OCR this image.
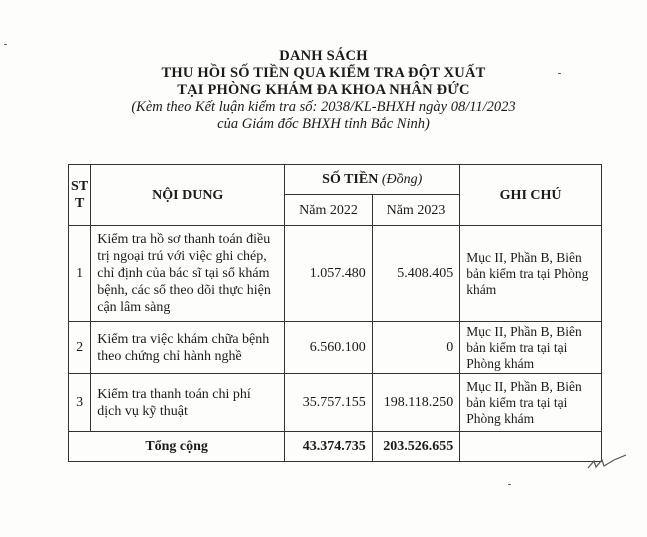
DANH SÁCH
THU HỒI SỐ TIỀN QUA KIỂM TRA ĐỘT XUẤT
TẠI PHÒNG KHÁM ĐA KHOA NHÂN ĐỨC
(Kèm theo Kết luận kiểm tra số: 2038/KL-BHXH ngày 08/11/2023
của Giám đốc BHXH tỉnh Bắc Ninh)
ST
T	NỘI DUNG	SỐ TIỀN (Đồng)		GHI CHÚ
		Năm 2022	Năm 2023	
1	Kiểm tra hồ sơ thanh toán điều trị ngoại trú với việc ghi chép, chỉ định của bác sĩ tại sổ khám bệnh, các sổ theo dõi thực hiện cận lâm sàng	1.057.480	5.408.405	Mục II, Phần B, Biên bản kiểm tra tại Phòng khám
2	Kiểm tra việc khám chữa bệnh theo chứng chỉ hành nghề	6.560.100	0	Mục II, Phần B, Biên bản kiểm tra tại tại Phòng khám
3	Kiểm tra thanh toán chi phí dịch vụ kỹ thuật	35.757.155	198.118.250	Mục II, Phần B, Biên bản kiểm tra tại tại Phòng khám
Tổng cộng		43.374.735	203.526.655	
